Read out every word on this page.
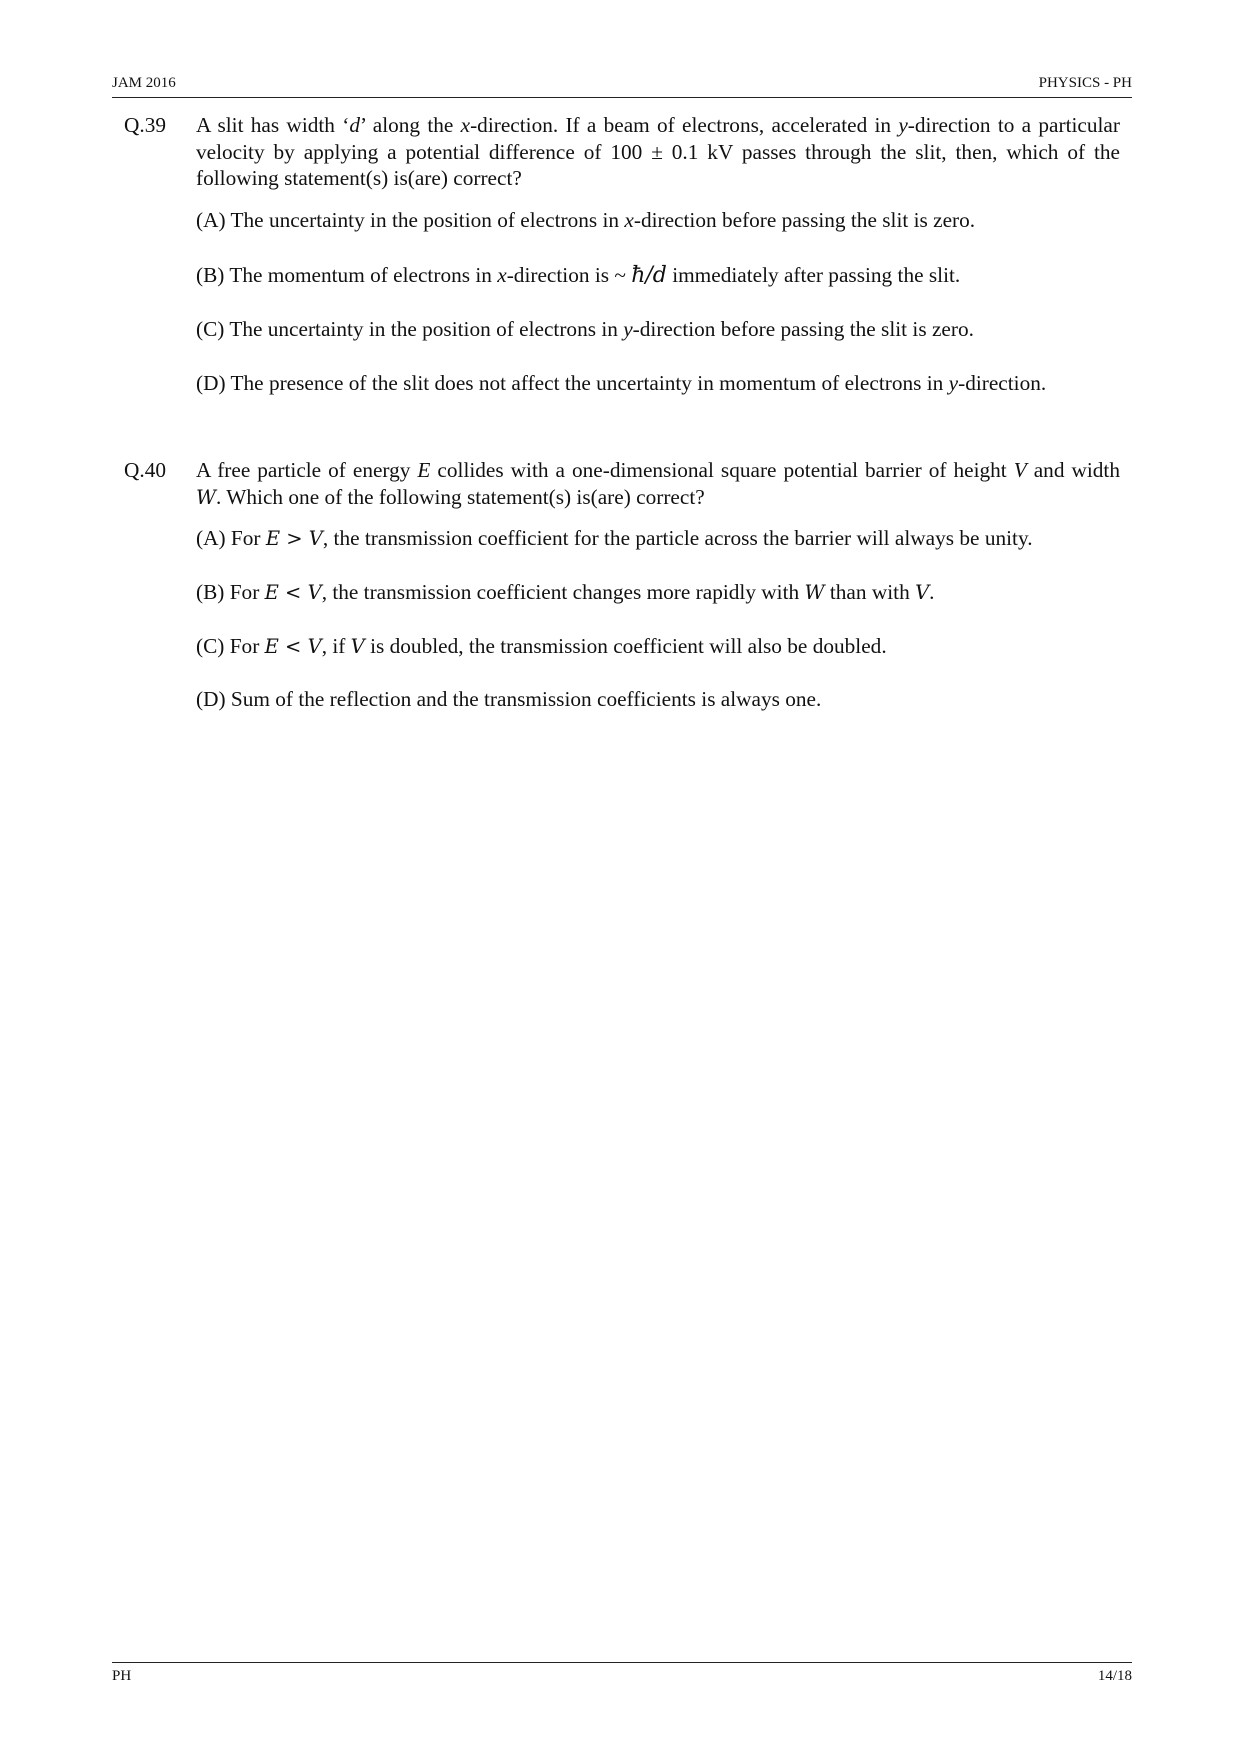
JAM 2016	PHYSICS - PH
Q.39 A slit has width ‘d’ along the x-direction. If a beam of electrons, accelerated in y-direction to a particular velocity by applying a potential difference of 100 ± 0.1 kV passes through the slit, then, which of the following statement(s) is(are) correct?
(A) The uncertainty in the position of electrons in x-direction before passing the slit is zero.
(B) The momentum of electrons in x-direction is ~ ħ/d immediately after passing the slit.
(C) The uncertainty in the position of electrons in y-direction before passing the slit is zero.
(D) The presence of the slit does not affect the uncertainty in momentum of electrons in y-direction.
Q.40 A free particle of energy E collides with a one-dimensional square potential barrier of height V and width W. Which one of the following statement(s) is(are) correct?
(A) For E > V, the transmission coefficient for the particle across the barrier will always be unity.
(B) For E < V, the transmission coefficient changes more rapidly with W than with V.
(C) For E < V, if V is doubled, the transmission coefficient will also be doubled.
(D) Sum of the reflection and the transmission coefficients is always one.
PH	14/18
